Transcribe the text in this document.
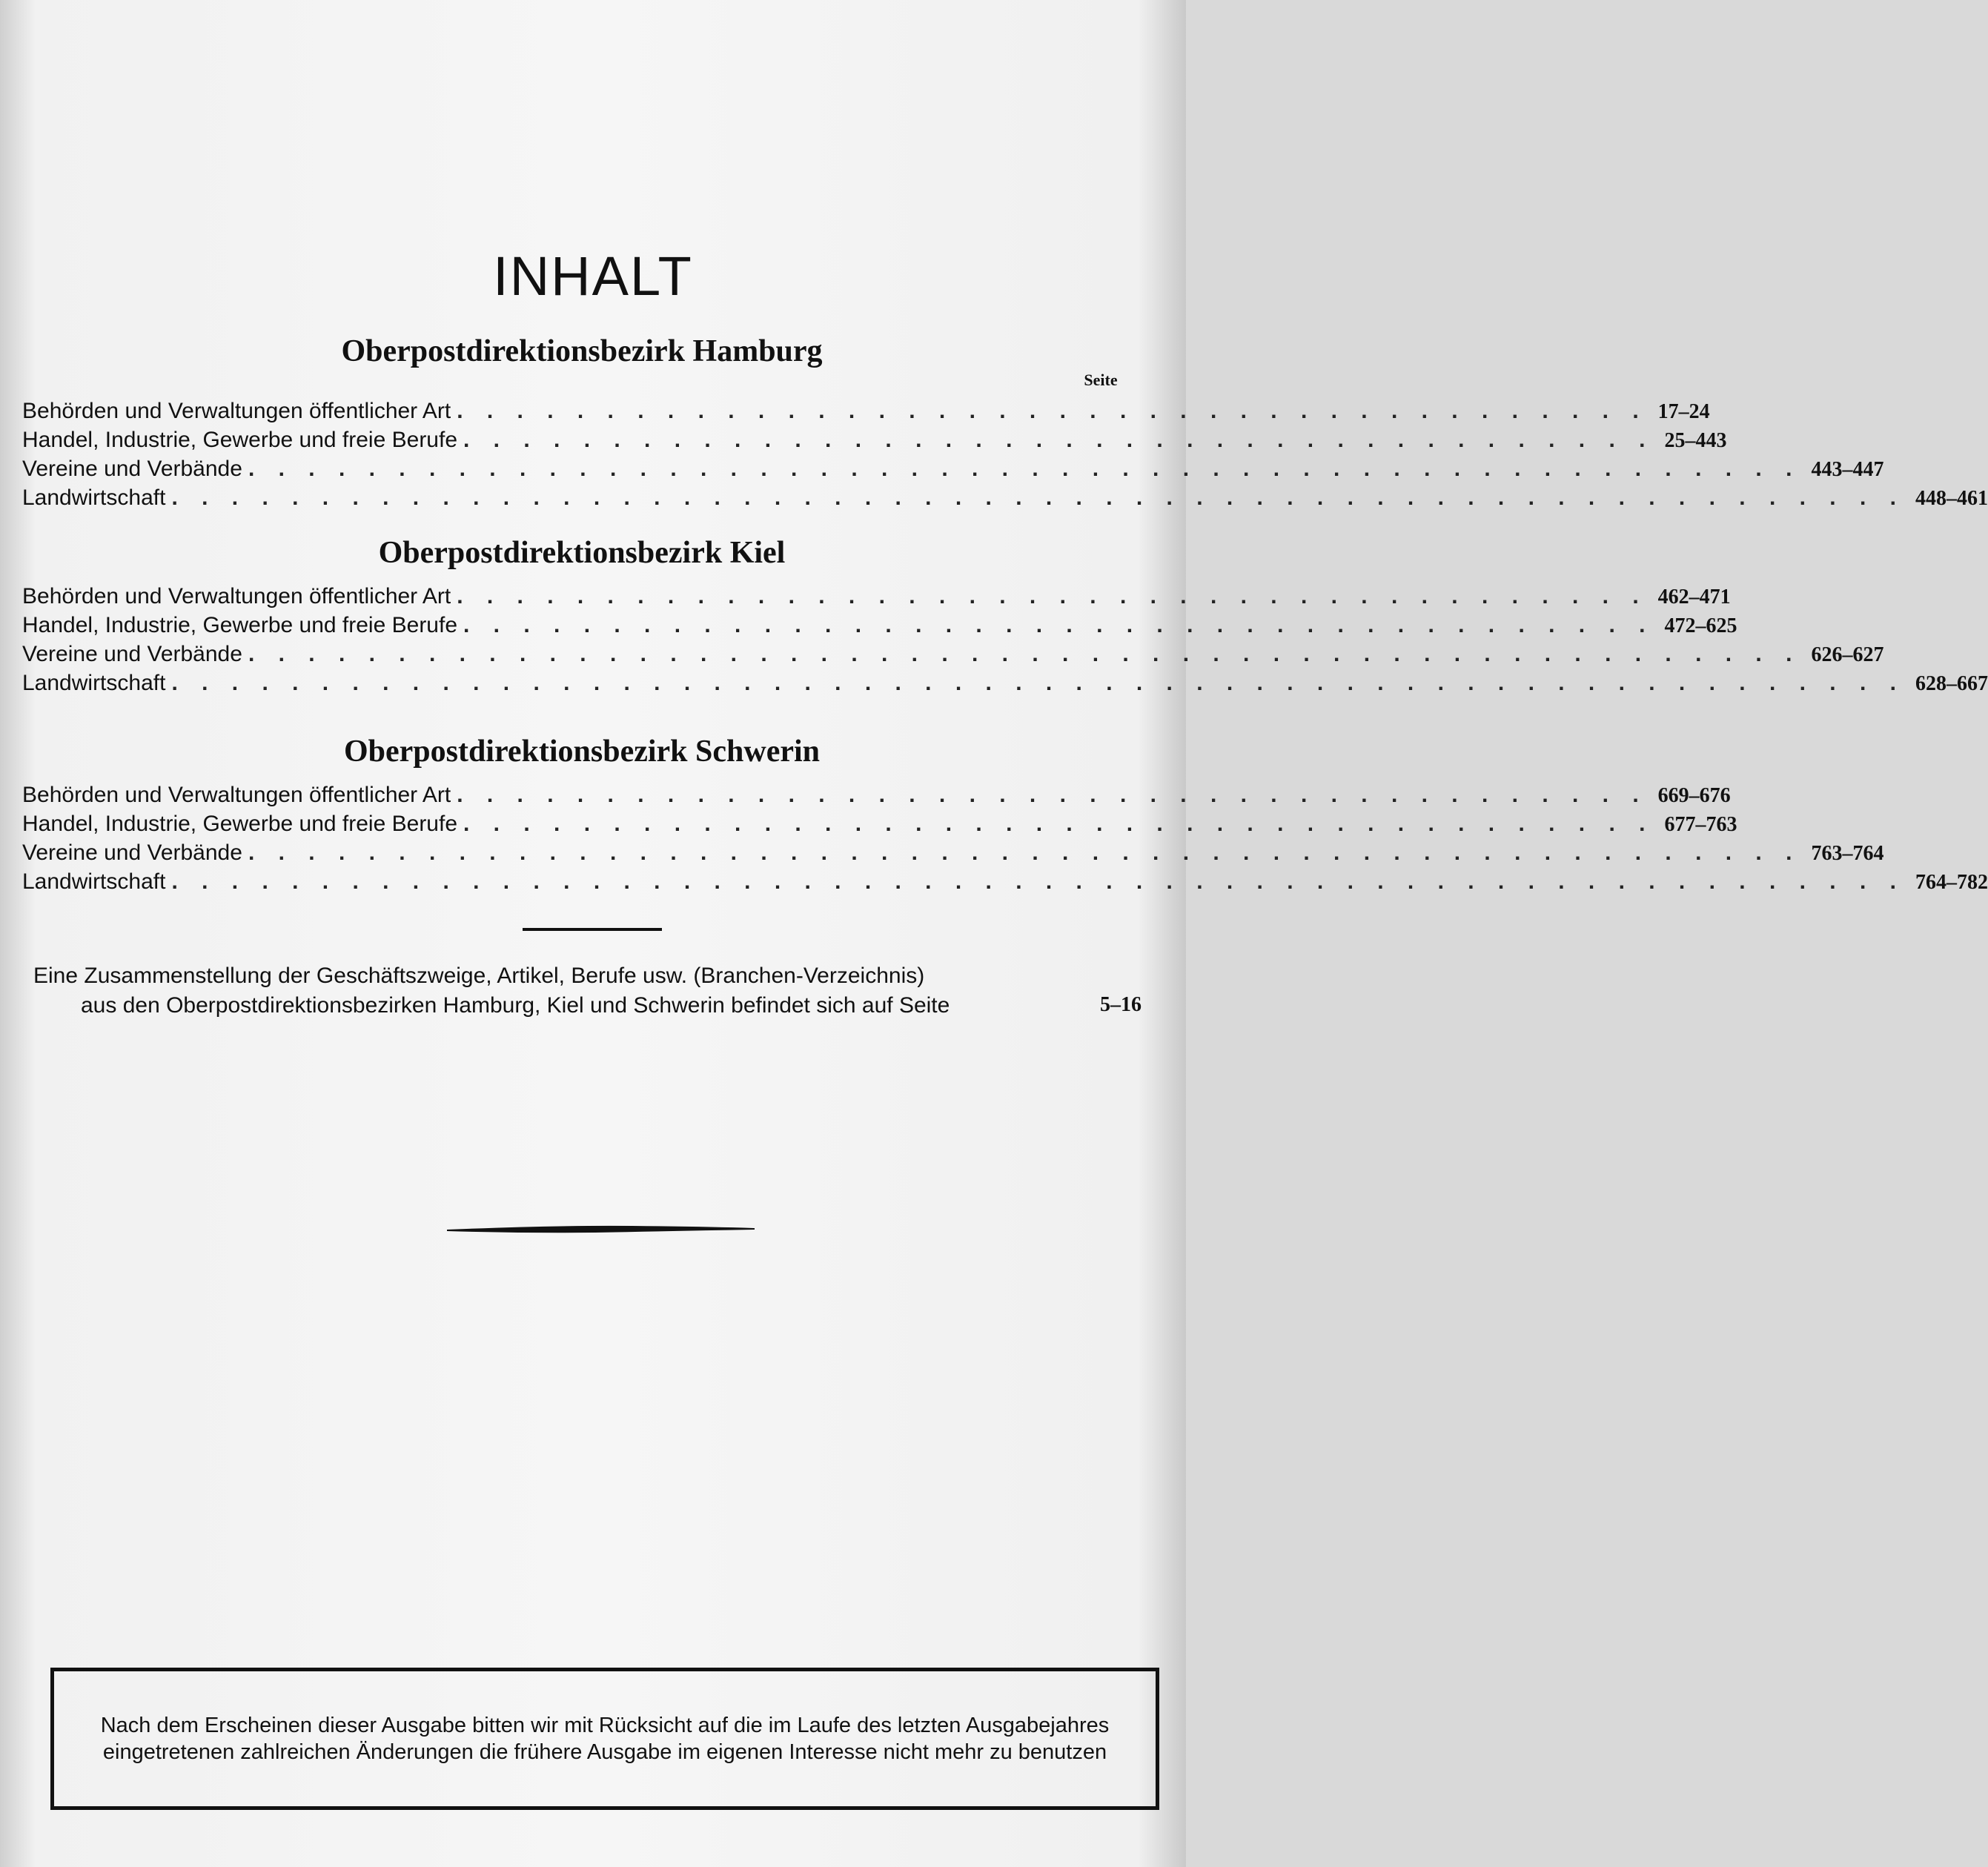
INHALT
Oberpostdirektionsbezirk Hamburg
Seite
Behörden und Verwaltungen öffentlicher Art . . . . . . . . . . . . . . . . . . . . . . . . . . . . . . . . . . . . . . . . 17–24
Handel, Industrie, Gewerbe und freie Berufe . . . . . . . . . . . . . . . . . . . . . . . . . . . . . . . . . . . . . . . . 25–443
Vereine und Verbände . . . . . . . . . . . . . . . . . . . . . . . . . . . . . . . . . . . . . . . . . . . . . . . . . . . . 443–447
Landwirtschaft . . . . . . . . . . . . . . . . . . . . . . . . . . . . . . . . . . . . . . . . . . . . . . . . . . . . . . . . . . 448–461
Oberpostdirektionsbezirk Kiel
Behörden und Verwaltungen öffentlicher Art . . . . . . . . . . . . . . . . . . . . . . . . . . . . . . . . . . . . . . . . 462–471
Handel, Industrie, Gewerbe und freie Berufe . . . . . . . . . . . . . . . . . . . . . . . . . . . . . . . . . . . . . . . . 472–625
Vereine und Verbände . . . . . . . . . . . . . . . . . . . . . . . . . . . . . . . . . . . . . . . . . . . . . . . . . . . . 626–627
Landwirtschaft . . . . . . . . . . . . . . . . . . . . . . . . . . . . . . . . . . . . . . . . . . . . . . . . . . . . . . . . . . 628–667
Oberpostdirektionsbezirk Schwerin
Behörden und Verwaltungen öffentlicher Art . . . . . . . . . . . . . . . . . . . . . . . . . . . . . . . . . . . . . . . . 669–676
Handel, Industrie, Gewerbe und freie Berufe . . . . . . . . . . . . . . . . . . . . . . . . . . . . . . . . . . . . . . . . 677–763
Vereine und Verbände . . . . . . . . . . . . . . . . . . . . . . . . . . . . . . . . . . . . . . . . . . . . . . . . . . . . 763–764
Landwirtschaft . . . . . . . . . . . . . . . . . . . . . . . . . . . . . . . . . . . . . . . . . . . . . . . . . . . . . . . . . . 764–782
Eine Zusammenstellung der Geschäftszweige, Artikel, Berufe usw. (Branchen-Verzeichnis)
aus den Oberpostdirektionsbezirken Hamburg, Kiel und Schwerin befindet sich auf Seite	5–16
Nach dem Erscheinen dieser Ausgabe bitten wir mit Rücksicht auf die im Laufe des letzten Ausgabejahres eingetretenen zahlreichen Änderungen die frühere Ausgabe im eigenen Interesse nicht mehr zu benutzen
